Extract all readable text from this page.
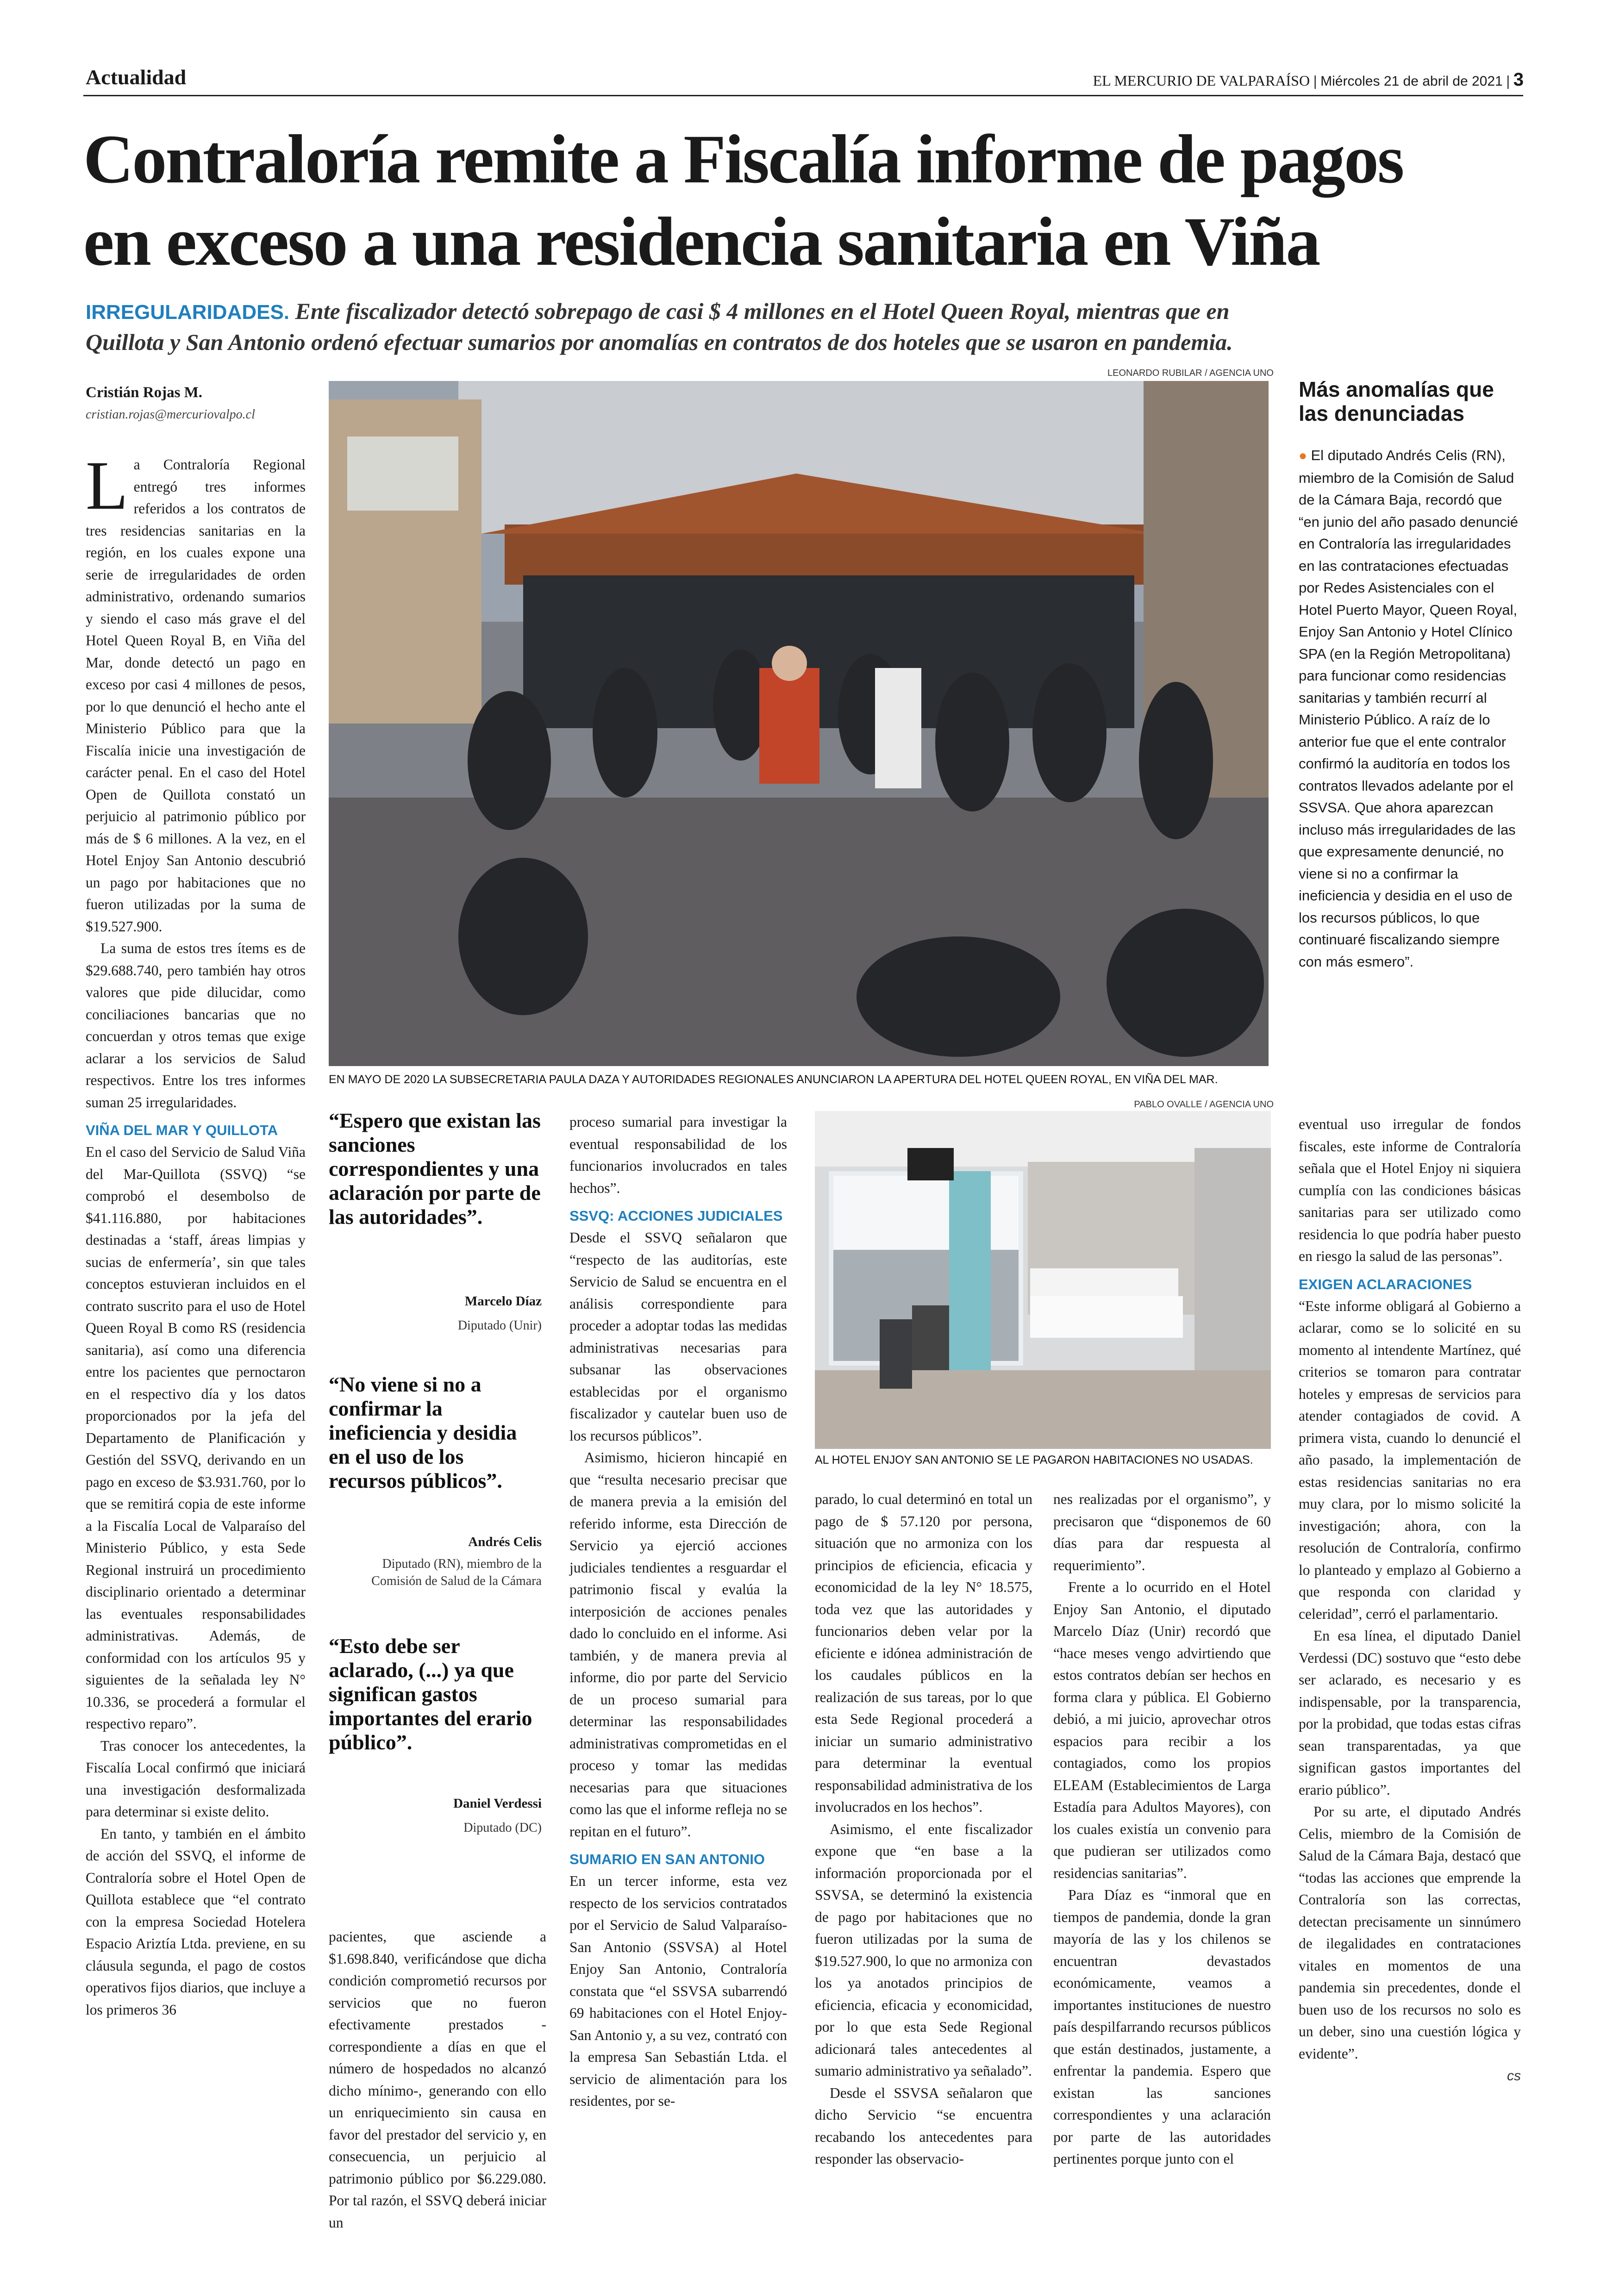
Actualidad	EL MERCURIO DE VALPARAÍSO | Miércoles 21 de abril de 2021 | 3
Contraloría remite a Fiscalía informe de pagos
en exceso a una residencia sanitaria en Viña
IRREGULARIDADES. Ente fiscalizador detectó sobrepago de casi $ 4 millones en el Hotel Queen Royal, mientras que en
Quillota y San Antonio ordenó efectuar sumarios por anomalías en contratos de dos hoteles que se usaron en pandemia.
Cristián Rojas M.
cristian.rojas@mercuriovalpo.cl
LEONARDO RUBILAR / AGENCIA UNO
EN MAYO DE 2020 LA SUBSECRETARIA PAULA DAZA Y AUTORIDADES REGIONALES ANUNCIARON LA APERTURA DEL HOTEL QUEEN ROYAL, EN VIÑA DEL MAR.
Más anomalías que las denunciadas
● El diputado Andrés Celis (RN), miembro de la Comisión de Salud de la Cámara Baja, recordó que “en junio del año pasado denuncié en Contraloría las irregularidades en las contrataciones efectuadas por Redes Asistenciales con el Hotel Puerto Mayor, Queen Royal, Enjoy San Antonio y Hotel Clínico SPA (en la Región Metropolitana) para funcionar como residencias sanitarias y también recurrí al Ministerio Público. A raíz de lo anterior fue que el ente contralor confirmó la auditoría en todos los contratos llevados adelante por el SSVSA. Que ahora aparezcan incluso más irregularidades de las que expresamente denuncié, no viene si no a confirmar la ineficiencia y desidia en el uso de los recursos públicos, lo que continuaré fiscalizando siempre con más esmero”.

La Contraloría Regional entregó tres informes referidos a los contratos de tres residencias sanitarias en la región, en los cuales expone una serie de irregularidades de orden administrativo, ordenando sumarios y siendo el caso más grave el del Hotel Queen Royal B, en Viña del Mar, donde detectó un pago en exceso por casi 4 millones de pesos, por lo que denunció el hecho ante el Ministerio Público para que la Fiscalía inicie una investigación de carácter penal. En el caso del Hotel Open de Quillota constató un perjuicio al patrimonio público por más de $ 6 millones. A la vez, en el Hotel Enjoy San Antonio descubrió un pago por habitaciones que no fueron utilizadas por la suma de $19.527.900.

La suma de estos tres ítems es de $29.688.740, pero también hay otros valores que pide dilucidar, como conciliaciones bancarias que no concuerdan y otros temas que exige aclarar a los servicios de Salud respectivos. Entre los tres informes suman 25 irregularidades.

VIÑA DEL MAR Y QUILLOTA

En el caso del Servicio de Salud Viña del Mar-Quillota (SSVQ) “se comprobó el desembolso de $41.116.880, por habitaciones destinadas a ‘staff, áreas limpias y sucias de enfermería’, sin que tales conceptos estuvieran incluidos en el contrato suscrito para el uso de Hotel Queen Royal B como RS (residencia sanitaria), así como una diferencia entre los pacientes que pernoctaron en el respectivo día y los datos proporcionados por la jefa del Departamento de Planificación y Gestión del SSVQ, derivando en un pago en exceso de $3.931.760, por lo que se remitirá copia de este informe a la Fiscalía Local de Valparaíso del Ministerio Público, y esta Sede Regional instruirá un procedimiento disciplinario orientado a determinar las eventuales responsabilidades administrativas. Además, de conformidad con los artículos 95 y siguientes de la señalada ley N° 10.336, se procederá a formular el respectivo reparo”.

Tras conocer los antecedentes, la Fiscalía Local confirmó que iniciará una investigación desformalizada para determinar si existe delito.

En tanto, y también en el ámbito de acción del SSVQ, el informe de Contraloría sobre el Hotel Open de Quillota establece que “el contrato con la empresa Sociedad Hotelera Espacio Ariztía Ltda. previene, en su cláusula segunda, el pago de costos operativos fijos diarios, que incluye a los primeros 36

“Espero que existan las sanciones correspondientes y una aclaración por parte de las autoridades”.
Marcelo Díaz
Diputado (Unir)
“No viene si no a confirmar la ineficiencia y desidia en el uso de los recursos públicos”.
Andrés Celis
Diputado (RN), miembro de la Comisión de Salud de la Cámara
“Esto debe ser aclarado, (...) ya que significan gastos importantes del erario público”.
Daniel Verdessi
Diputado (DC)

pacientes, que asciende a $1.698.840, verificándose que dicha condición comprometió recursos por servicios que no fueron efectivamente prestados -correspondiente a días en que el número de hospedados no alcanzó dicho mínimo-, generando con ello un enriquecimiento sin causa en favor del prestador del servicio y, en consecuencia, un perjuicio al patrimonio público por $6.229.080. Por tal razón, el SSVQ deberá iniciar un

proceso sumarial para investigar la eventual responsabilidad de los funcionarios involucrados en tales hechos”.

SSVQ: ACCIONES JUDICIALES

Desde el SSVQ señalaron que “respecto de las auditorías, este Servicio de Salud se encuentra en el análisis correspondiente para proceder a adoptar todas las medidas administrativas necesarias para subsanar las observaciones establecidas por el organismo fiscalizador y cautelar buen uso de los recursos públicos”.

Asimismo, hicieron hincapié en que “resulta necesario precisar que de manera previa a la emisión del referido informe, esta Dirección de Servicio ya ejerció acciones judiciales tendientes a resguardar el patrimonio fiscal y evalúa la interposición de acciones penales dado lo concluido en el informe. Asi también, y de manera previa al informe, dio por parte del Servicio de un proceso sumarial para determinar las responsabilidades administrativas comprometidas en el proceso y tomar las medidas necesarias para que situaciones como las que el informe refleja no se repitan en el futuro”.

SUMARIO EN SAN ANTONIO

En un tercer informe, esta vez respecto de los servicios contratados por el Servicio de Salud Valparaíso-San Antonio (SSVSA) al Hotel Enjoy San Antonio, Contraloría constata que “el SSVSA subarrendó 69 habitaciones con el Hotel Enjoy-San Antonio y, a su vez, contrató con la empresa San Sebastián Ltda. el servicio de alimentación para los residentes, por se-

PABLO OVALLE / AGENCIA UNO
AL HOTEL ENJOY SAN ANTONIO SE LE PAGARON HABITACIONES NO USADAS.

parado, lo cual determinó en total un pago de $ 57.120 por persona, situación que no armoniza con los principios de eficiencia, eficacia y economicidad de la ley N° 18.575, toda vez que las autoridades y funcionarios deben velar por la eficiente e idónea administración de los caudales públicos en la realización de sus tareas, por lo que esta Sede Regional procederá a iniciar un sumario administrativo para determinar la eventual responsabilidad administrativa de los involucrados en los hechos”.

Asimismo, el ente fiscalizador expone que “en base a la información proporcionada por el SSVSA, se determinó la existencia de pago por habitaciones que no fueron utilizadas por la suma de $19.527.900, lo que no armoniza con los ya anotados principios de eficiencia, eficacia y economicidad, por lo que esta Sede Regional adicionará tales antecedentes al sumario administrativo ya señalado”.

Desde el SSVSA señalaron que dicho Servicio “se encuentra recabando los antecedentes para responder las observacio-

nes realizadas por el organismo”, y precisaron que “disponemos de 60 días para dar respuesta al requerimiento”.

Frente a lo ocurrido en el Hotel Enjoy San Antonio, el diputado Marcelo Díaz (Unir) recordó que “hace meses vengo advirtiendo que estos contratos debían ser hechos en forma clara y pública. El Gobierno debió, a mi juicio, aprovechar otros espacios para recibir a los contagiados, como los propios ELEAM (Establecimientos de Larga Estadía para Adultos Mayores), con los cuales existía un convenio para que pudieran ser utilizados como residencias sanitarias”.

Para Díaz es “inmoral que en tiempos de pandemia, donde la gran mayoría de las y los chilenos se encuentran devastados económicamente, veamos a importantes instituciones de nuestro país despilfarrando recursos públicos que están destinados, justamente, a enfrentar la pandemia. Espero que existan las sanciones correspondientes y una aclaración por parte de las autoridades pertinentes porque junto con el

eventual uso irregular de fondos fiscales, este informe de Contraloría señala que el Hotel Enjoy ni siquiera cumplía con las condiciones básicas sanitarias para ser utilizado como residencia lo que podría haber puesto en riesgo la salud de las personas”.

EXIGEN ACLARACIONES

“Este informe obligará al Gobierno a aclarar, como se lo solicité en su momento al intendente Martínez, qué criterios se tomaron para contratar hoteles y empresas de servicios para atender contagiados de covid. A primera vista, cuando lo denuncié el año pasado, la implementación de estas residencias sanitarias no era muy clara, por lo mismo solicité la investigación; ahora, con la resolución de Contraloría, confirmo lo planteado y emplazo al Gobierno a que responda con claridad y celeridad”, cerró el parlamentario.

En esa línea, el diputado Daniel Verdessi (DC) sostuvo que “esto debe ser aclarado, es necesario y es indispensable, por la transparencia, por la probidad, que todas estas cifras sean transparentadas, ya que significan gastos importantes del erario público”.

Por su arte, el diputado Andrés Celis, miembro de la Comisión de Salud de la Cámara Baja, destacó que “todas las acciones que emprende la Contraloría son las correctas, detectan precisamente un sinnúmero de ilegalidades en contrataciones vitales en momentos de una pandemia sin precedentes, donde el buen uso de los recursos no solo es un deber, sino una cuestión lógica y evidente”.

cs
